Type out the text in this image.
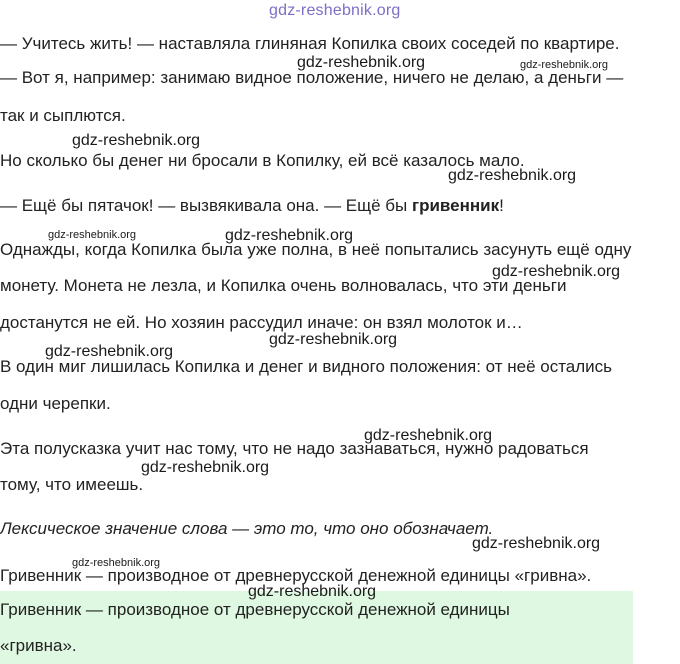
— Учитесь жить! — наставляла глиняная Копилка своих соседей по квартире.

— Вот я, например: занимаю видное положение, ничего не делаю, а деньги —

так и сыплются.

Но сколько бы денег ни бросали в Копилку, ей всё казалось мало.

— Ещё бы пятачок! — вызвякивала она. — Ещё бы гривенник!

Однажды, когда Копилка была уже полна, в неё попытались засунуть ещё одну

монету. Монета не лезла, и Копилка очень волновалась, что эти деньги

достанутся не ей. Но хозяин рассудил иначе: он взял молоток и…

В один миг лишилась Копилка и денег и видного положения: от неё остались

одни черепки.

Эта полусказка учит нас тому, что не надо зазнаваться, нужно радоваться

тому, что имеешь.

Лексическое значение слова — это то, что оно обозначает.

Гривенник — производное от древнерусской денежной единицы «гривна».

Гривенник — производное от древнерусской денежной единицы

«гривна».

gdz-reshebnik.org
gdz-reshebnik.org	gdz-reshebnik.org
gdz-reshebnik.org
gdz-reshebnik.org
gdz-reshebnik.org	gdz-reshebnik.org
gdz-reshebnik.org
gdz-reshebnik.org
gdz-reshebnik.org
gdz-reshebnik.org
gdz-reshebnik.org
gdz-reshebnik.org
gdz-reshebnik.org
gdz-reshebnik.org
